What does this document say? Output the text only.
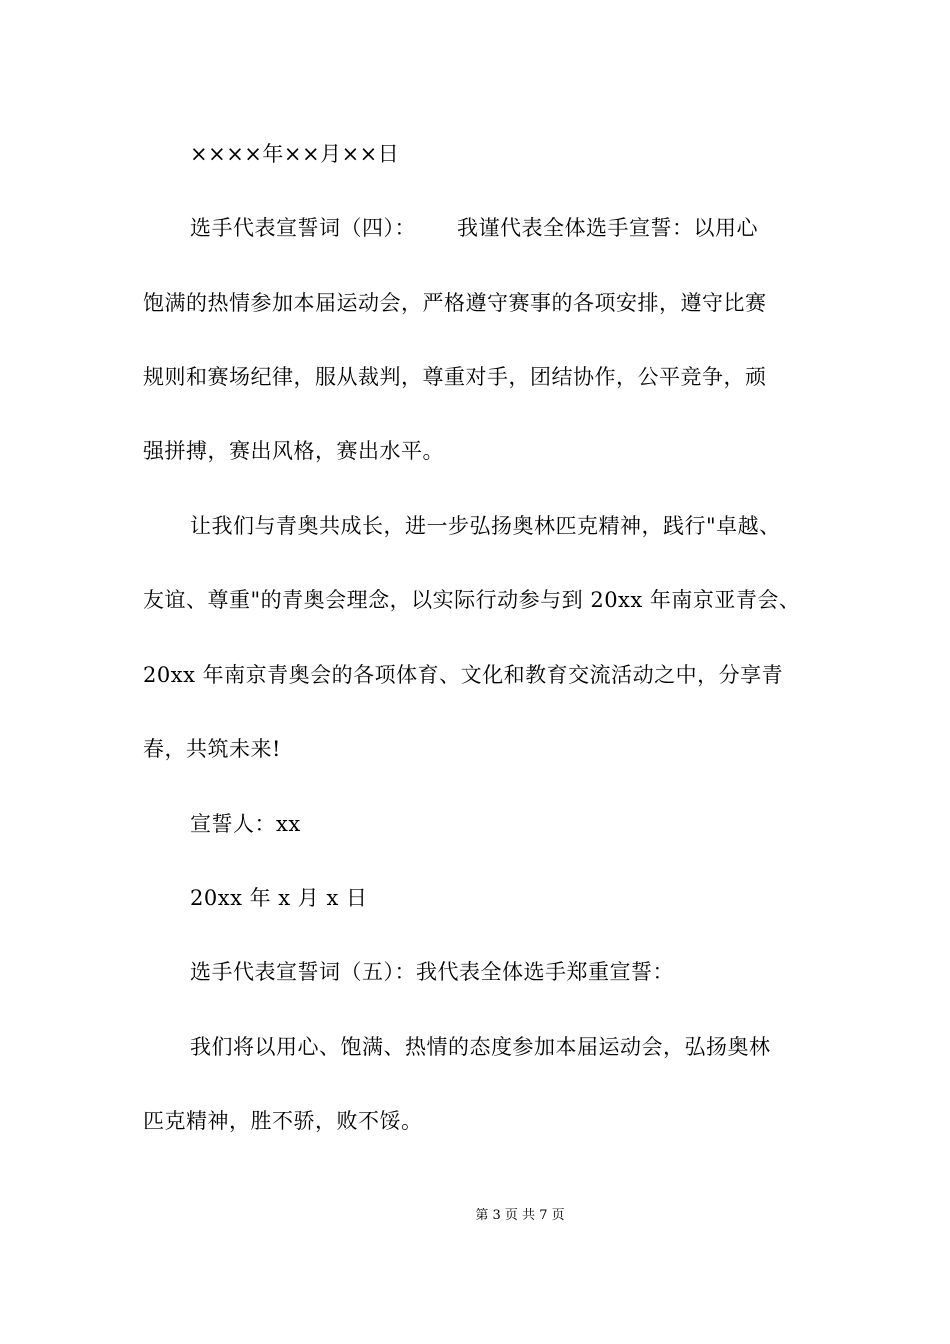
××××年××月××日
选手代表宣誓词（四）： 我谨代表全体选手宣誓：以用心
饱满的热情参加本届运动会，严格遵守赛事的各项安排，遵守比赛
规则和赛场纪律，服从裁判，尊重对手，团结协作，公平竞争，顽
强拼搏，赛出风格，赛出水平。
让我们与青奥共成长，进一步弘扬奥林匹克精神，践行"卓越、
友谊、尊重"的青奥会理念，以实际行动参与到 20xx 年南京亚青会、
20xx 年南京青奥会的各项体育、文化和教育交流活动之中，分享青
春，共筑未来!
宣誓人：xx
20xx 年 x 月 x 日
选手代表宣誓词（五）：我代表全体选手郑重宣誓：
我们将以用心、饱满、热情的态度参加本届运动会，弘扬奥林
匹克精神，胜不骄，败不馁。
第 3 页 共 7 页
